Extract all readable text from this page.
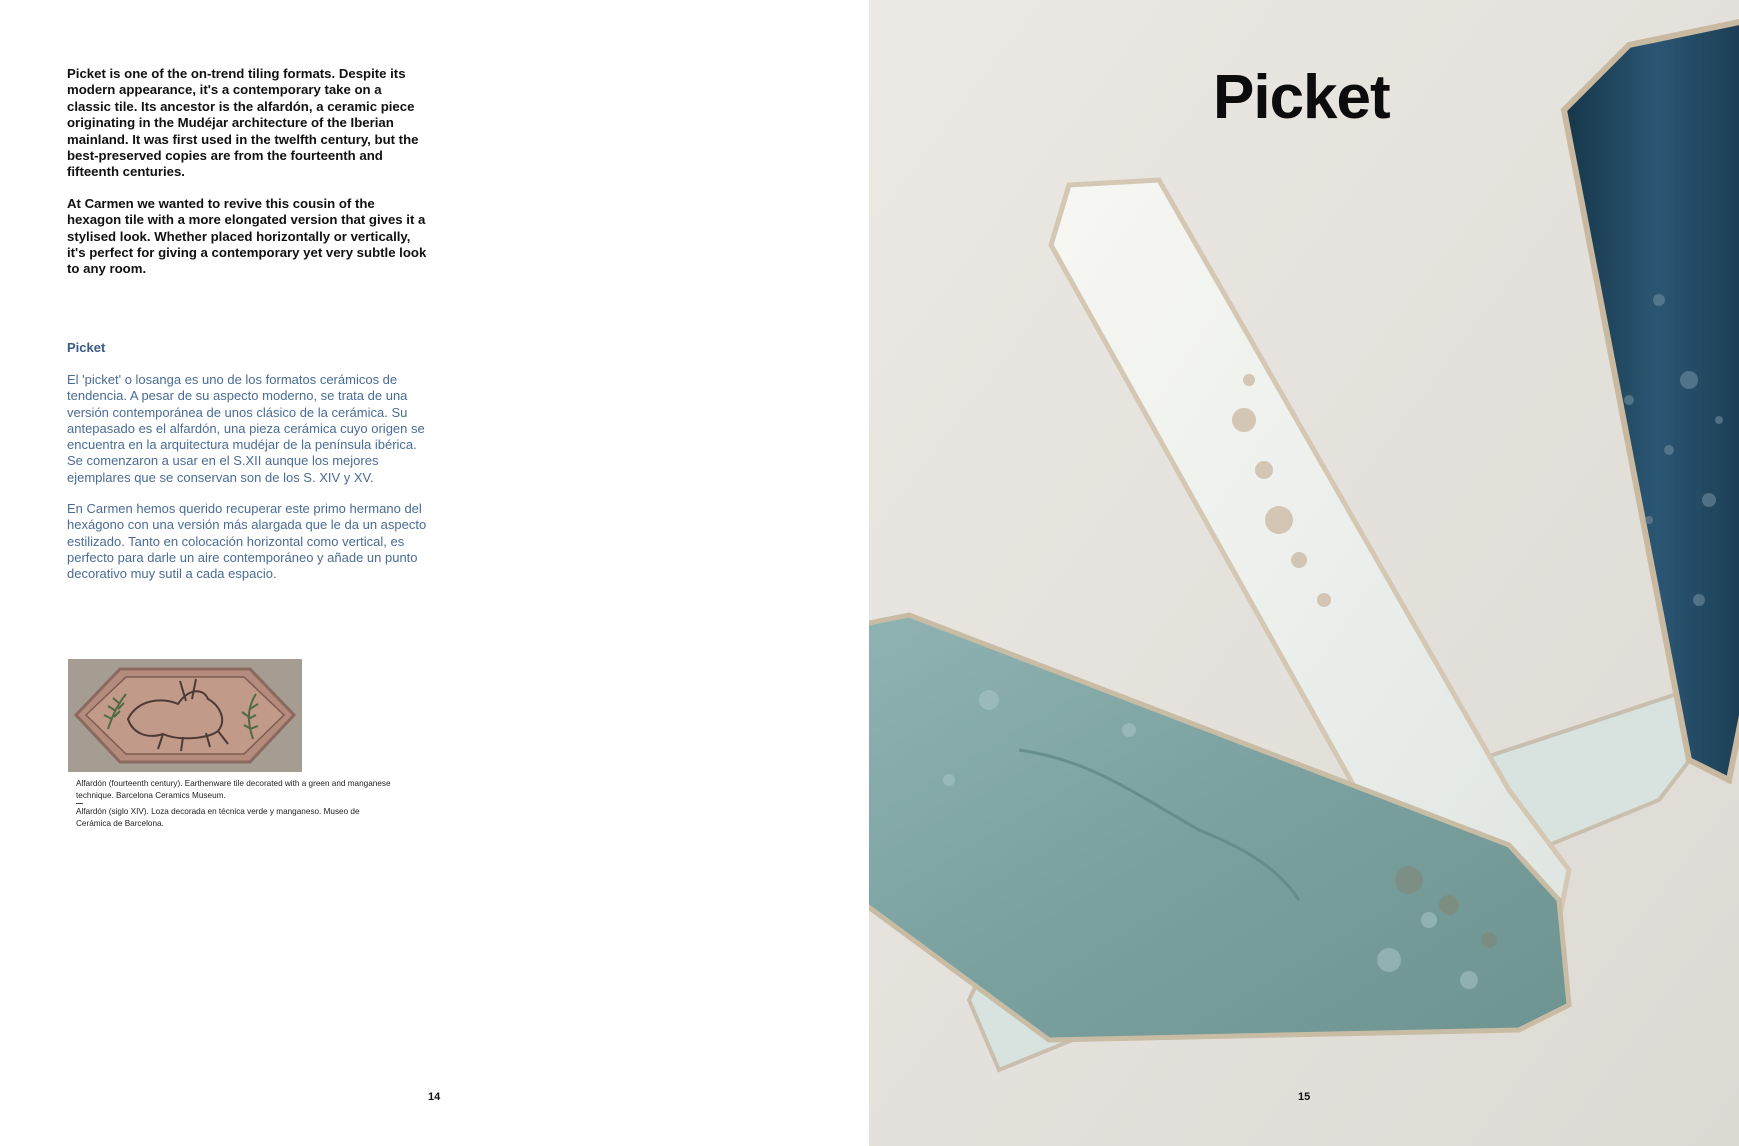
Picket is one of the on-trend tiling formats. Despite its modern appearance, it's a contemporary take on a classic tile. Its ancestor is the alfardón, a ceramic piece originating in the Mudéjar architecture of the Iberian mainland. It was first used in the twelfth century, but the best-preserved copies are from the fourteenth and fifteenth centuries.

At Carmen we wanted to revive this cousin of the hexagon tile with a more elongated version that gives it a stylised look. Whether placed horizontally or vertically, it's perfect for giving a contemporary yet very subtle look to any room.

Picket

El 'picket' o losanga es uno de los formatos cerámicos de tendencia. A pesar de su aspecto moderno, se trata de una versión contemporánea de unos clásico de la cerámica. Su antepasado es el alfardón, una pieza cerámica cuyo origen se encuentra en la arquitectura mudéjar de la península ibérica. Se comenzaron a usar en el S.XII aunque los mejores ejemplares que se conservan son de los S. XIV y XV.

En Carmen hemos querido recuperar este primo hermano del hexágono con una versión más alargada que le da un aspecto estilizado. Tanto en colocación horizontal como vertical, es perfecto para darle un aire contemporáneo y añade un punto decorativo muy sutil a cada espacio.

Alfardón (fourteenth century). Earthenware tile decorated with a green and manganese technique. Barcelona Ceramics Museum.

Alfardón (siglo XIV). Loza decorada en técnica verde y manganeso. Museo de Cerámica de Barcelona.

14
Picket
15
